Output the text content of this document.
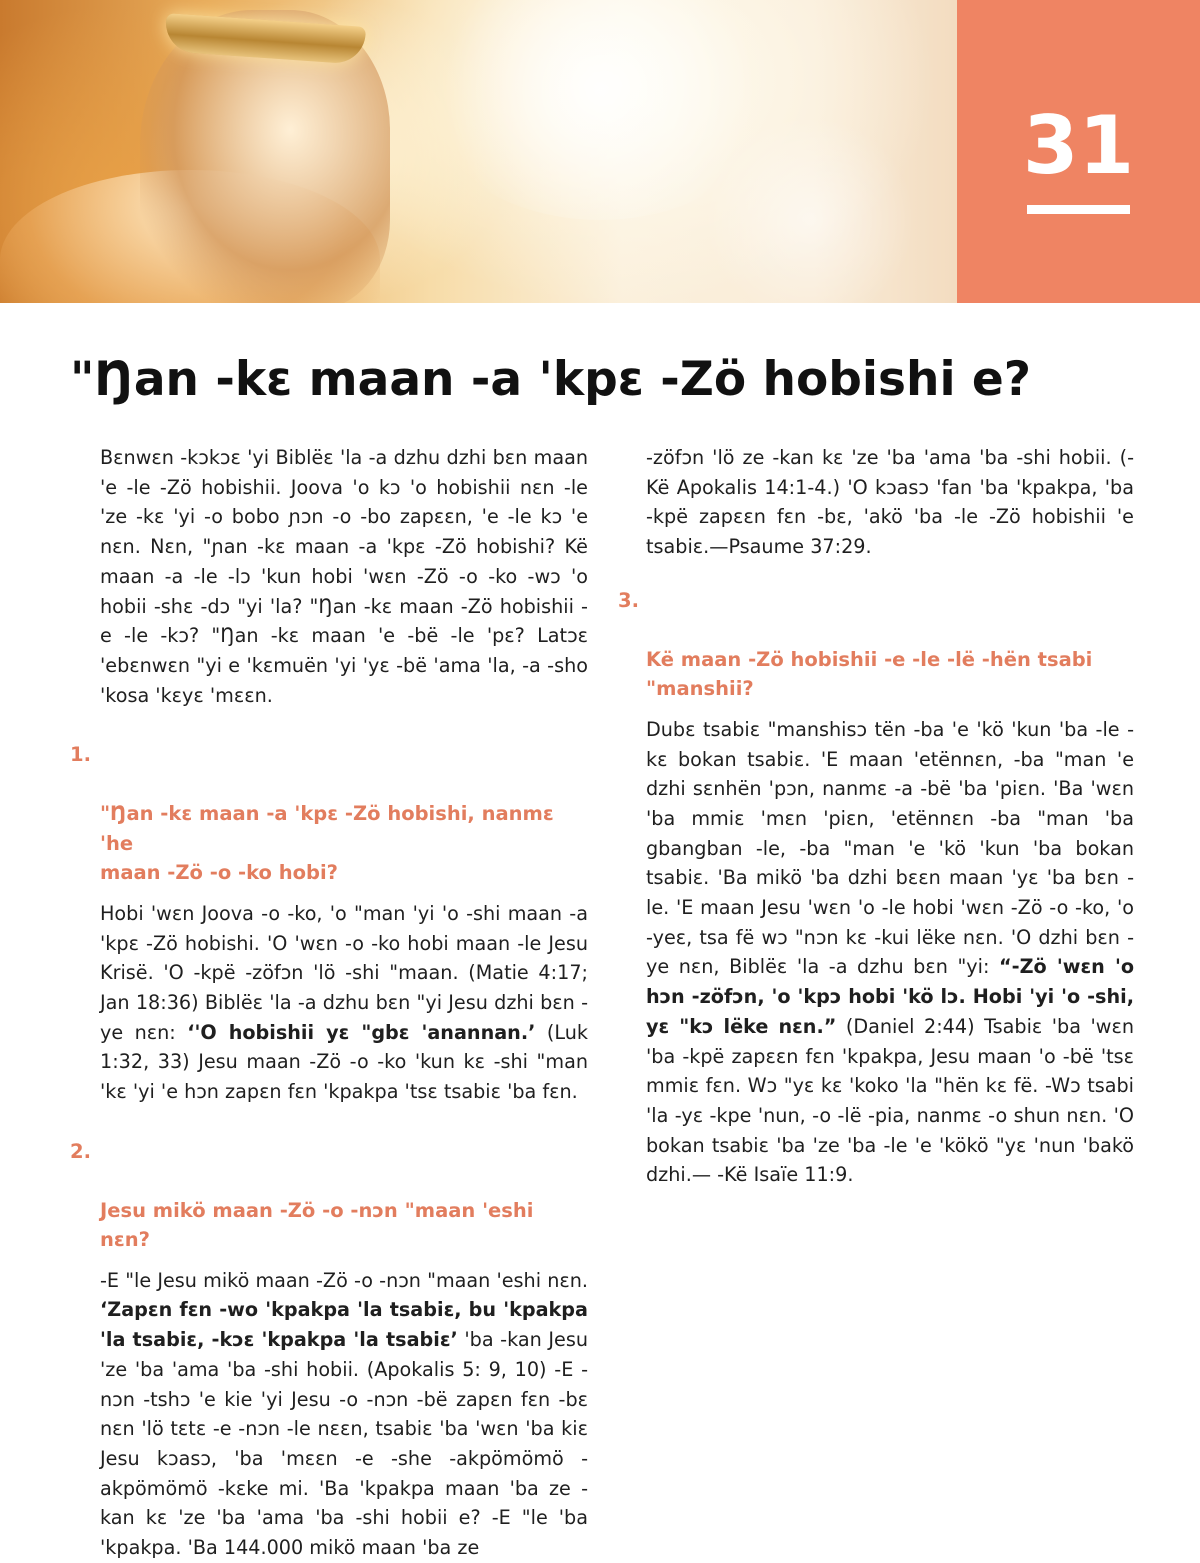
31
"Ŋan -kɛ maan -a 'kpɛ -Zö hobishi e?

Bɛnwɛn -kɔkɔɛ 'yi Biblëɛ 'la -a dzhu dzhi bɛn maan 'e -le -Zö hobishii. Joova 'o kɔ 'o hobishii nɛn -le 'ze -kɛ 'yi -o bobo ɲɔn -o -bo zapɛɛn, 'e -le kɔ 'e nɛn. Nɛn, "ɲan -kɛ maan -a 'kpɛ -Zö hobishi? Kë maan -a -le -lɔ 'kun hobi 'wɛn -Zö -o -ko -wɔ 'o hobii -shɛ -dɔ "yi 'la? "Ŋan -kɛ maan -Zö hobishii -e -le -kɔ? "Ŋan -kɛ maan 'e -bë -le 'pɛ? Latɔɛ 'ebɛnwɛn "yi e 'kɛmuën 'yi 'yɛ -bë 'ama 'la, -a -sho 'kosa 'kɛyɛ 'mɛɛn.

1.

"Ŋan -kɛ maan -a 'kpɛ -Zö hobishi, nanmɛ 'he
maan -Zö -o -ko hobi?

Hobi 'wɛn Joova -o -ko, 'o "man 'yi 'o -shi maan -a 'kpɛ -Zö hobishi. 'O 'wɛn -o -ko hobi maan -le Jesu Krisë. 'O -kpë -zöfɔn 'lö -shi "maan. (Matie 4:17; Jan 18:36) Biblëɛ 'la -a dzhu bɛn "yi Jesu dzhi bɛn -ye nɛn: ‘'O hobishii yɛ "gbɛ 'anannan.’ (Luk 1:32, 33) Jesu maan -Zö -o -ko 'kun kɛ -shi "man 'kɛ 'yi 'e hɔn zapɛn fɛn 'kpakpa 'tsɛ tsabiɛ 'ba fɛn.

2.

Jesu mikö maan -Zö -o -nɔn "maan 'eshi nɛn?

-E "le Jesu mikö maan -Zö -o -nɔn "maan 'eshi nɛn. ‘Zapɛn fɛn -wo 'kpakpa 'la tsabiɛ, bu 'kpakpa 'la tsabiɛ, -kɔɛ 'kpakpa 'la tsabiɛ’ 'ba -kan Jesu 'ze 'ba 'ama 'ba -shi hobii. (Apokalis 5: 9, 10) -E -nɔn -tshɔ 'e kie 'yi Jesu -o -nɔn -bë zapɛn fɛn -bɛ nɛn 'lö tɛtɛ -e -nɔn -le nɛɛn, tsabiɛ 'ba 'wɛn 'ba kiɛ Jesu kɔasɔ, 'ba 'mɛɛn -e -she -akpömömö -akpömömö -kɛke mi. 'Ba 'kpakpa maan 'ba ze -kan kɛ 'ze 'ba 'ama 'ba -shi hobii e? -E "le 'ba 'kpakpa. 'Ba 144.000 mikö maan 'ba ze

-zöfɔn 'lö ze -kan kɛ 'ze 'ba 'ama 'ba -shi hobii. (-Kë Apokalis 14:1-4.) 'O kɔasɔ 'fan 'ba 'kpakpa, 'ba -kpë zapɛɛn fɛn -bɛ, 'akö 'ba -le -Zö hobishii 'e tsabiɛ.—Psaume 37:29.

3.

Kë maan -Zö hobishii -e -le -lë -hën tsabi
"manshii?

Dubɛ tsabiɛ "manshisɔ tën -ba 'e 'kö 'kun 'ba -le -kɛ bokan tsabiɛ. 'E maan 'etënnɛn, -ba "man 'e dzhi sɛnhën 'pɔn, nanmɛ -a -bë 'ba 'piɛn. 'Ba 'wɛn 'ba mmiɛ 'mɛn 'piɛn, 'etënnɛn -ba "man 'ba gbangban -le, -ba "man 'e 'kö 'kun 'ba bokan tsabiɛ. 'Ba mikö 'ba dzhi bɛɛn maan 'yɛ 'ba bɛn -le. 'E maan Jesu 'wɛn 'o -le hobi 'wɛn -Zö -o -ko, 'o -yeɛ, tsa fë wɔ "nɔn kɛ -kui lëke nɛn. 'O dzhi bɛn -ye nɛn, Biblëɛ 'la -a dzhu bɛn "yi: “-Zö 'wɛn 'o hɔn -zöfɔn, 'o 'kpɔ hobi 'kö lɔ. Hobi 'yi 'o -shi, yɛ "kɔ lëke nɛn.” (Daniel 2:44) Tsabiɛ 'ba 'wɛn 'ba -kpë zapɛɛn fɛn 'kpakpa, Jesu maan 'o -bë 'tsɛ mmiɛ fɛn. Wɔ "yɛ kɛ 'koko 'la "hën kɛ fë. -Wɔ tsabi 'la -yɛ -kpe 'nun, -o -lë -pia, nanmɛ -o shun nɛn. 'O bokan tsabiɛ 'ba 'ze 'ba -le 'e 'kökö "yɛ 'nun 'bakö dzhi.— -Kë Isaïe 11:9.
